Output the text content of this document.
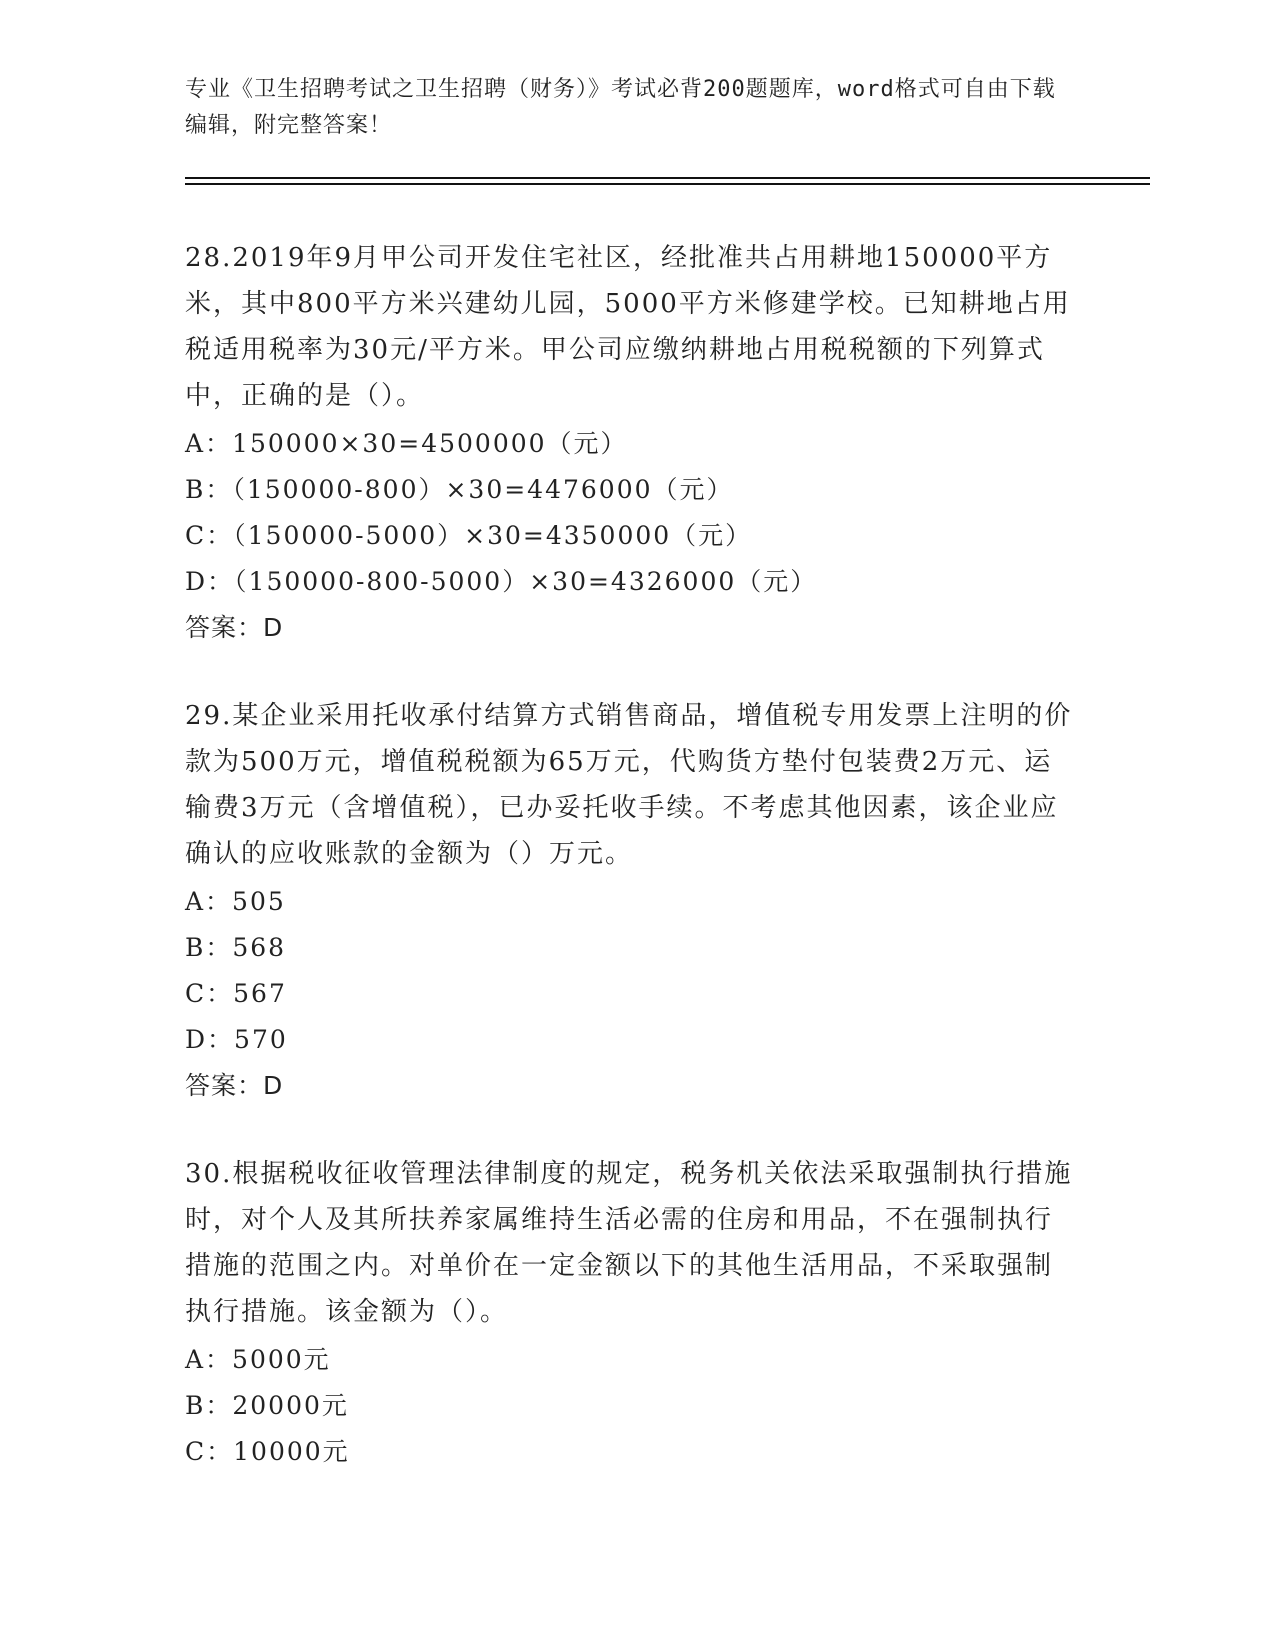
专业《卫生招聘考试之卫生招聘（财务）》考试必背200题题库，word格式可自由下载编辑，附完整答案！

28.2019年9月甲公司开发住宅社区，经批准共占用耕地150000平方米，其中800平方米兴建幼儿园，5000平方米修建学校。已知耕地占用税适用税率为30元/平方米。甲公司应缴纳耕地占用税税额的下列算式中，正确的是（）。

A：150000×30=4500000（元）
B：（150000-800）×30=4476000（元）
C：（150000-5000）×30=4350000（元）
D：（150000-800-5000）×30=4326000（元）
答案：D

29.某企业采用托收承付结算方式销售商品，增值税专用发票上注明的价款为500万元，增值税税额为65万元，代购货方垫付包装费2万元、运输费3万元（含增值税），已办妥托收手续。不考虑其他因素，该企业应确认的应收账款的金额为（）万元。

A：505
B：568
C：567
D：570
答案：D

30.根据税收征收管理法律制度的规定，税务机关依法采取强制执行措施时，对个人及其所扶养家属维持生活必需的住房和用品，不在强制执行措施的范围之内。对单价在一定金额以下的其他生活用品，不采取强制执行措施。该金额为（）。

A：5000元
B：20000元
C：10000元
